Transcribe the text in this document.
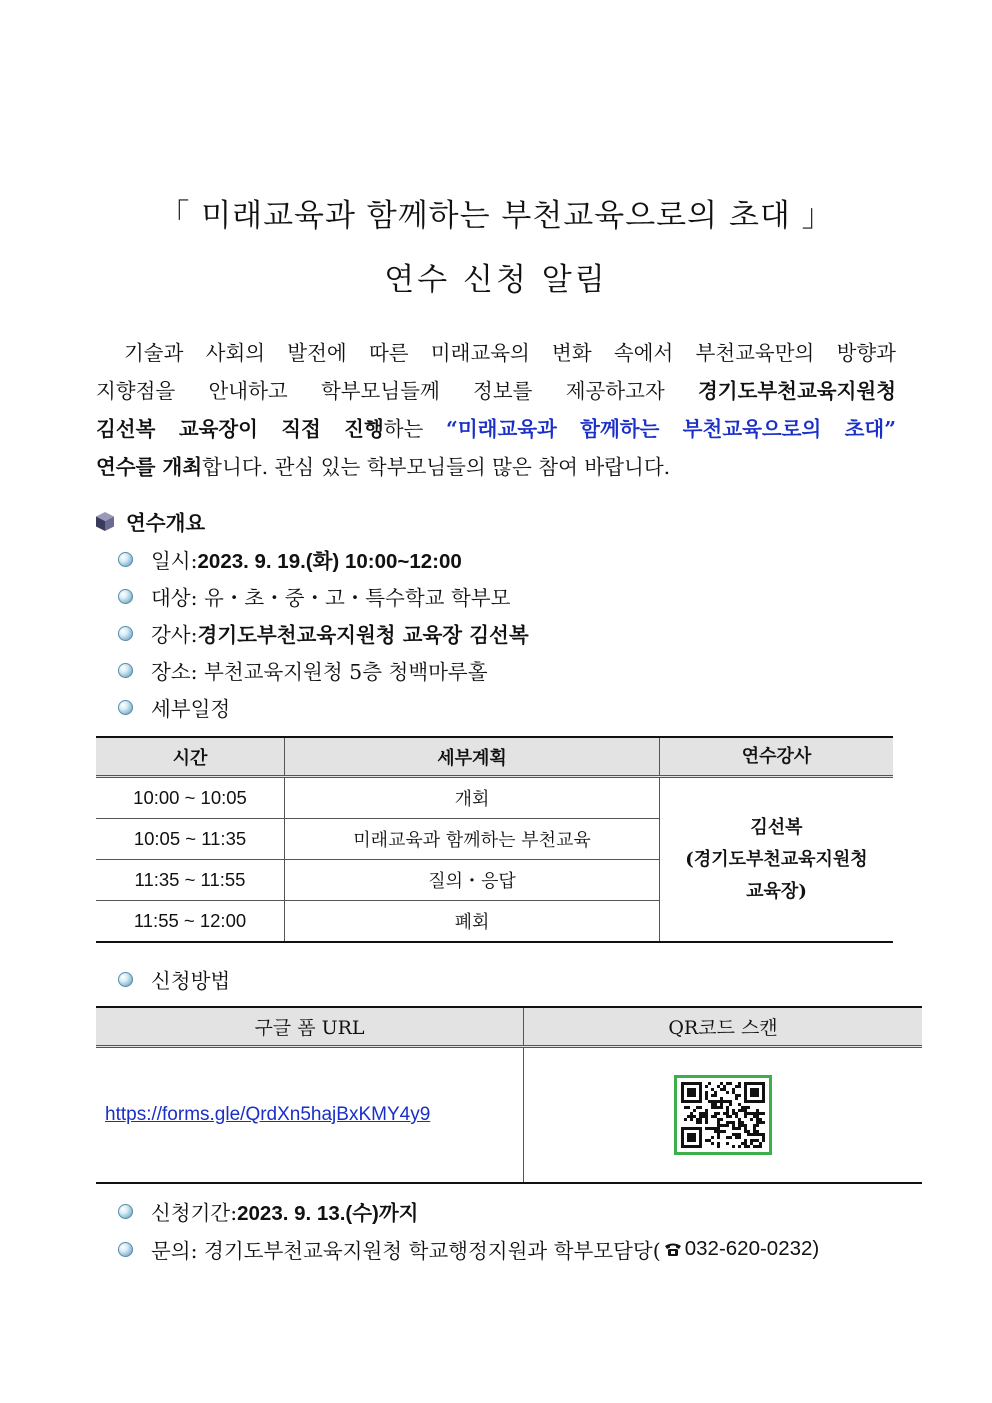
「 미래교육과 함께하는 부천교육으로의 초대 」
연수 신청 알림
기술과 사회의 발전에 따른 미래교육의 변화 속에서 부천교육만의 방향과
지향점을 안내하고 학부모님들께 정보를 제공하고자 경기도부천교육지원청
김선복 교육장이 직접 진행하는 “미래교육과 함께하는 부천교육으로의 초대”
연수를 개최합니다. 관심 있는 학부모님들의 많은 참여 바랍니다.
연수개요
일시: 2023. 9. 19.(화) 10:00~12:00
대상: 유・초・중・고・특수학교 학부모
강사: 경기도부천교육지원청 교육장 김선복
장소: 부천교육지원청 5층 청백마루홀
세부일정
시간	세부계획	연수강사
10:00 ~ 10:05	개회	김선복
(경기도부천교육지원청
교육장)
10:05 ~ 11:35	미래교육과 함께하는 부천교육	
11:35 ~ 11:55	질의・응답	
11:55 ~ 12:00	폐회	
신청방법
구글 폼 URL	QR코드 스캔
https://forms.gle/QrdXn5hajBxKMY4y9	
신청기간: 2023. 9. 13.(수)까지
문의: 경기도부천교육지원청 학교행정지원과 학부모담당( 032-620-0232)
